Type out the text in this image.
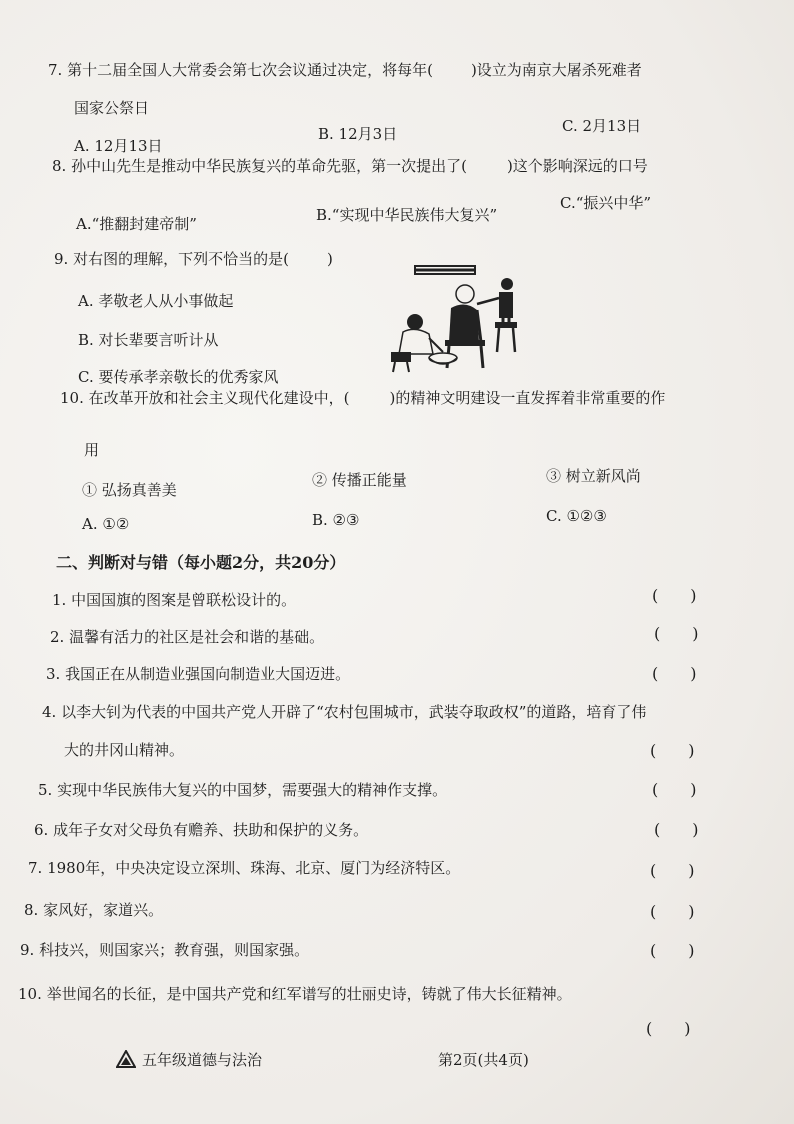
7. 第十二届全国人大常委会第七次会议通过决定，将每年(	)设立为南京大屠杀死难者
国家公祭日
A. 12月13日
B. 12月3日	C. 2月13日
8. 孙中山先生是推动中华民族复兴的革命先驱，第一次提出了(	)这个影响深远的口号
A.“推翻封建帝制”	B.“实现中华民族伟大复兴”
C.“振兴中华”
9. 对右图的理解，下列不恰当的是(	)
A. 孝敬老人从小事做起
B. 对长辈要言听计从
C. 要传承孝亲敬长的优秀家风
10. 在改革开放和社会主义现代化建设中，(	)的精神文明建设一直发挥着非常重要的作
用
① 弘扬真善美
② 传播正能量	③ 树立新风尚
A. ①②	B. ②③	C. ①②③
二、判断对与错（每小题2分，共20分）
1. 中国国旗的图案是曾联松设计的。	(　　)
2. 温馨有活力的社区是社会和谐的基础。	(　　)
3. 我国正在从制造业强国向制造业大国迈进。	(　　)
4. 以李大钊为代表的中国共产党人开辟了“农村包围城市，武装夺取政权”的道路，培育了伟
大的井冈山精神。	(　　)
5. 实现中华民族伟大复兴的中国梦，需要强大的精神作支撑。	(　　)
6. 成年子女对父母负有赡养、扶助和保护的义务。	(　　)
7. 1980年，中央决定设立深圳、珠海、北京、厦门为经济特区。	(　　)
8. 家风好，家道兴。	(　　)
9. 科技兴，则国家兴；教育强，则国家强。	(　　)
10. 举世闻名的长征，是中国共产党和红军谱写的壮丽史诗，铸就了伟大长征精神。
(　　)
五年级道德与法治	第2页(共4页)
